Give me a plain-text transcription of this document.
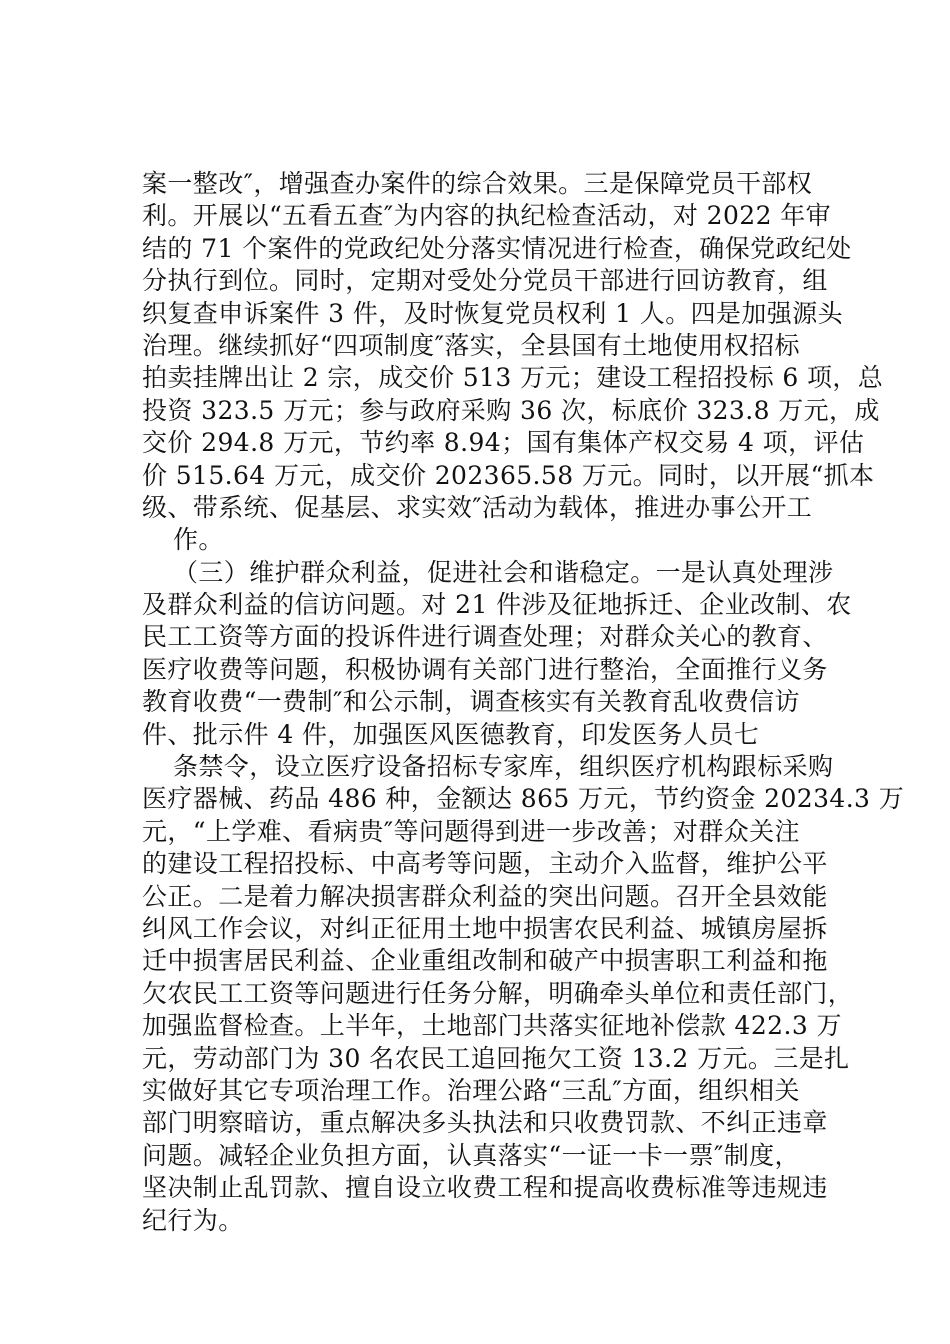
案一整改″，增强查办案件的综合效果。三是保障党员干部权
利。开展以“五看五查″为内容的执纪检查活动，对 2022 年审
结的 71 个案件的党政纪处分落实情况进行检查，确保党政纪处
分执行到位。同时，定期对受处分党员干部进行回访教育，组
织复查申诉案件 3 件，及时恢复党员权利 1 人。四是加强源头
治理。继续抓好“四项制度″落实，全县国有土地使用权招标
拍卖挂牌出让 2 宗，成交价 513 万元；建设工程招投标 6 项，总
投资 323.5 万元；参与政府采购 36 次，标底价 323.8 万元，成
交价 294.8 万元，节约率 8.94；国有集体产权交易 4 项，评估
价 515.64 万元，成交价 202365.58 万元。同时，以开展“抓本
级、带系统、促基层、求实效″活动为载体，推进办事公开工
作。
（三）维护群众利益，促进社会和谐稳定。一是认真处理涉
及群众利益的信访问题。对 21 件涉及征地拆迁、企业改制、农
民工工资等方面的投诉件进行调查处理；对群众关心的教育、
医疗收费等问题，积极协调有关部门进行整治，全面推行义务
教育收费“一费制″和公示制，调查核实有关教育乱收费信访
件、批示件 4 件，加强医风医德教育，印发医务人员七
条禁令，设立医疗设备招标专家库，组织医疗机构跟标采购
医疗器械、药品 486 种，金额达 865 万元，节约资金 20234.3 万
元，“上学难、看病贵″等问题得到进一步改善；对群众关注
的建设工程招投标、中高考等问题，主动介入监督，维护公平
公正。二是着力解决损害群众利益的突出问题。召开全县效能
纠风工作会议，对纠正征用土地中损害农民利益、城镇房屋拆
迁中损害居民利益、企业重组改制和破产中损害职工利益和拖
欠农民工工资等问题进行任务分解，明确牵头单位和责任部门，
加强监督检查。上半年，土地部门共落实征地补偿款 422.3 万
元，劳动部门为 30 名农民工追回拖欠工资 13.2 万元。三是扎
实做好其它专项治理工作。治理公路“三乱″方面，组织相关
部门明察暗访，重点解决多头执法和只收费罚款、不纠正违章
问题。减轻企业负担方面，认真落实“一证一卡一票″制度，
坚决制止乱罚款、擅自设立收费工程和提高收费标准等违规违
纪行为。
